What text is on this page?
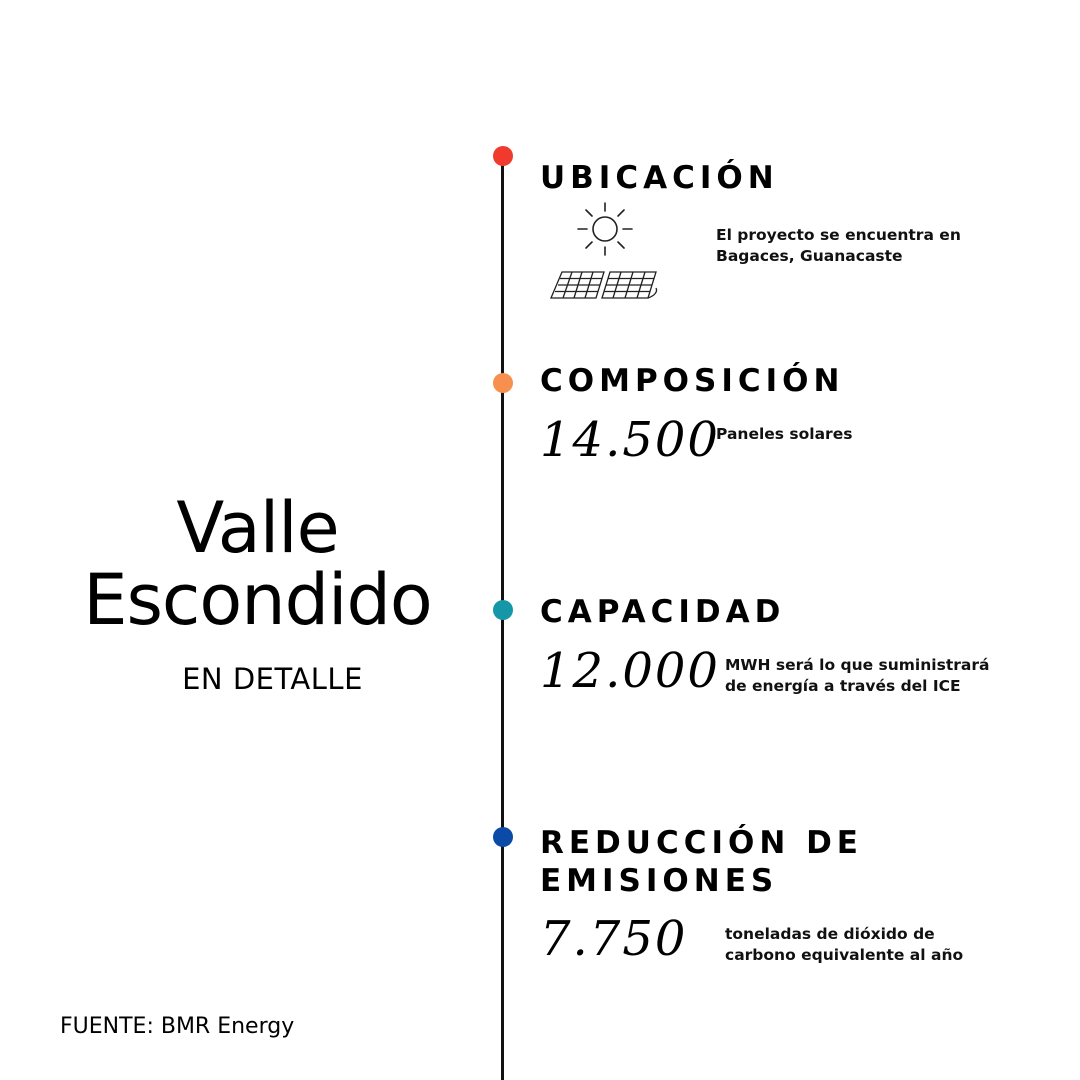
Valle
Escondido
EN DETALLE
FUENTE: BMR Energy
UBICACIÓN
El proyecto se encuentra en Bagaces, Guanacaste
COMPOSICIÓN
14.500
Paneles solares
CAPACIDAD
12.000 MWH será lo que suministrará de energía a través del ICE
REDUCCIÓN DE
EMISIONES
7.750 toneladas de dióxido de carbono equivalente al año
